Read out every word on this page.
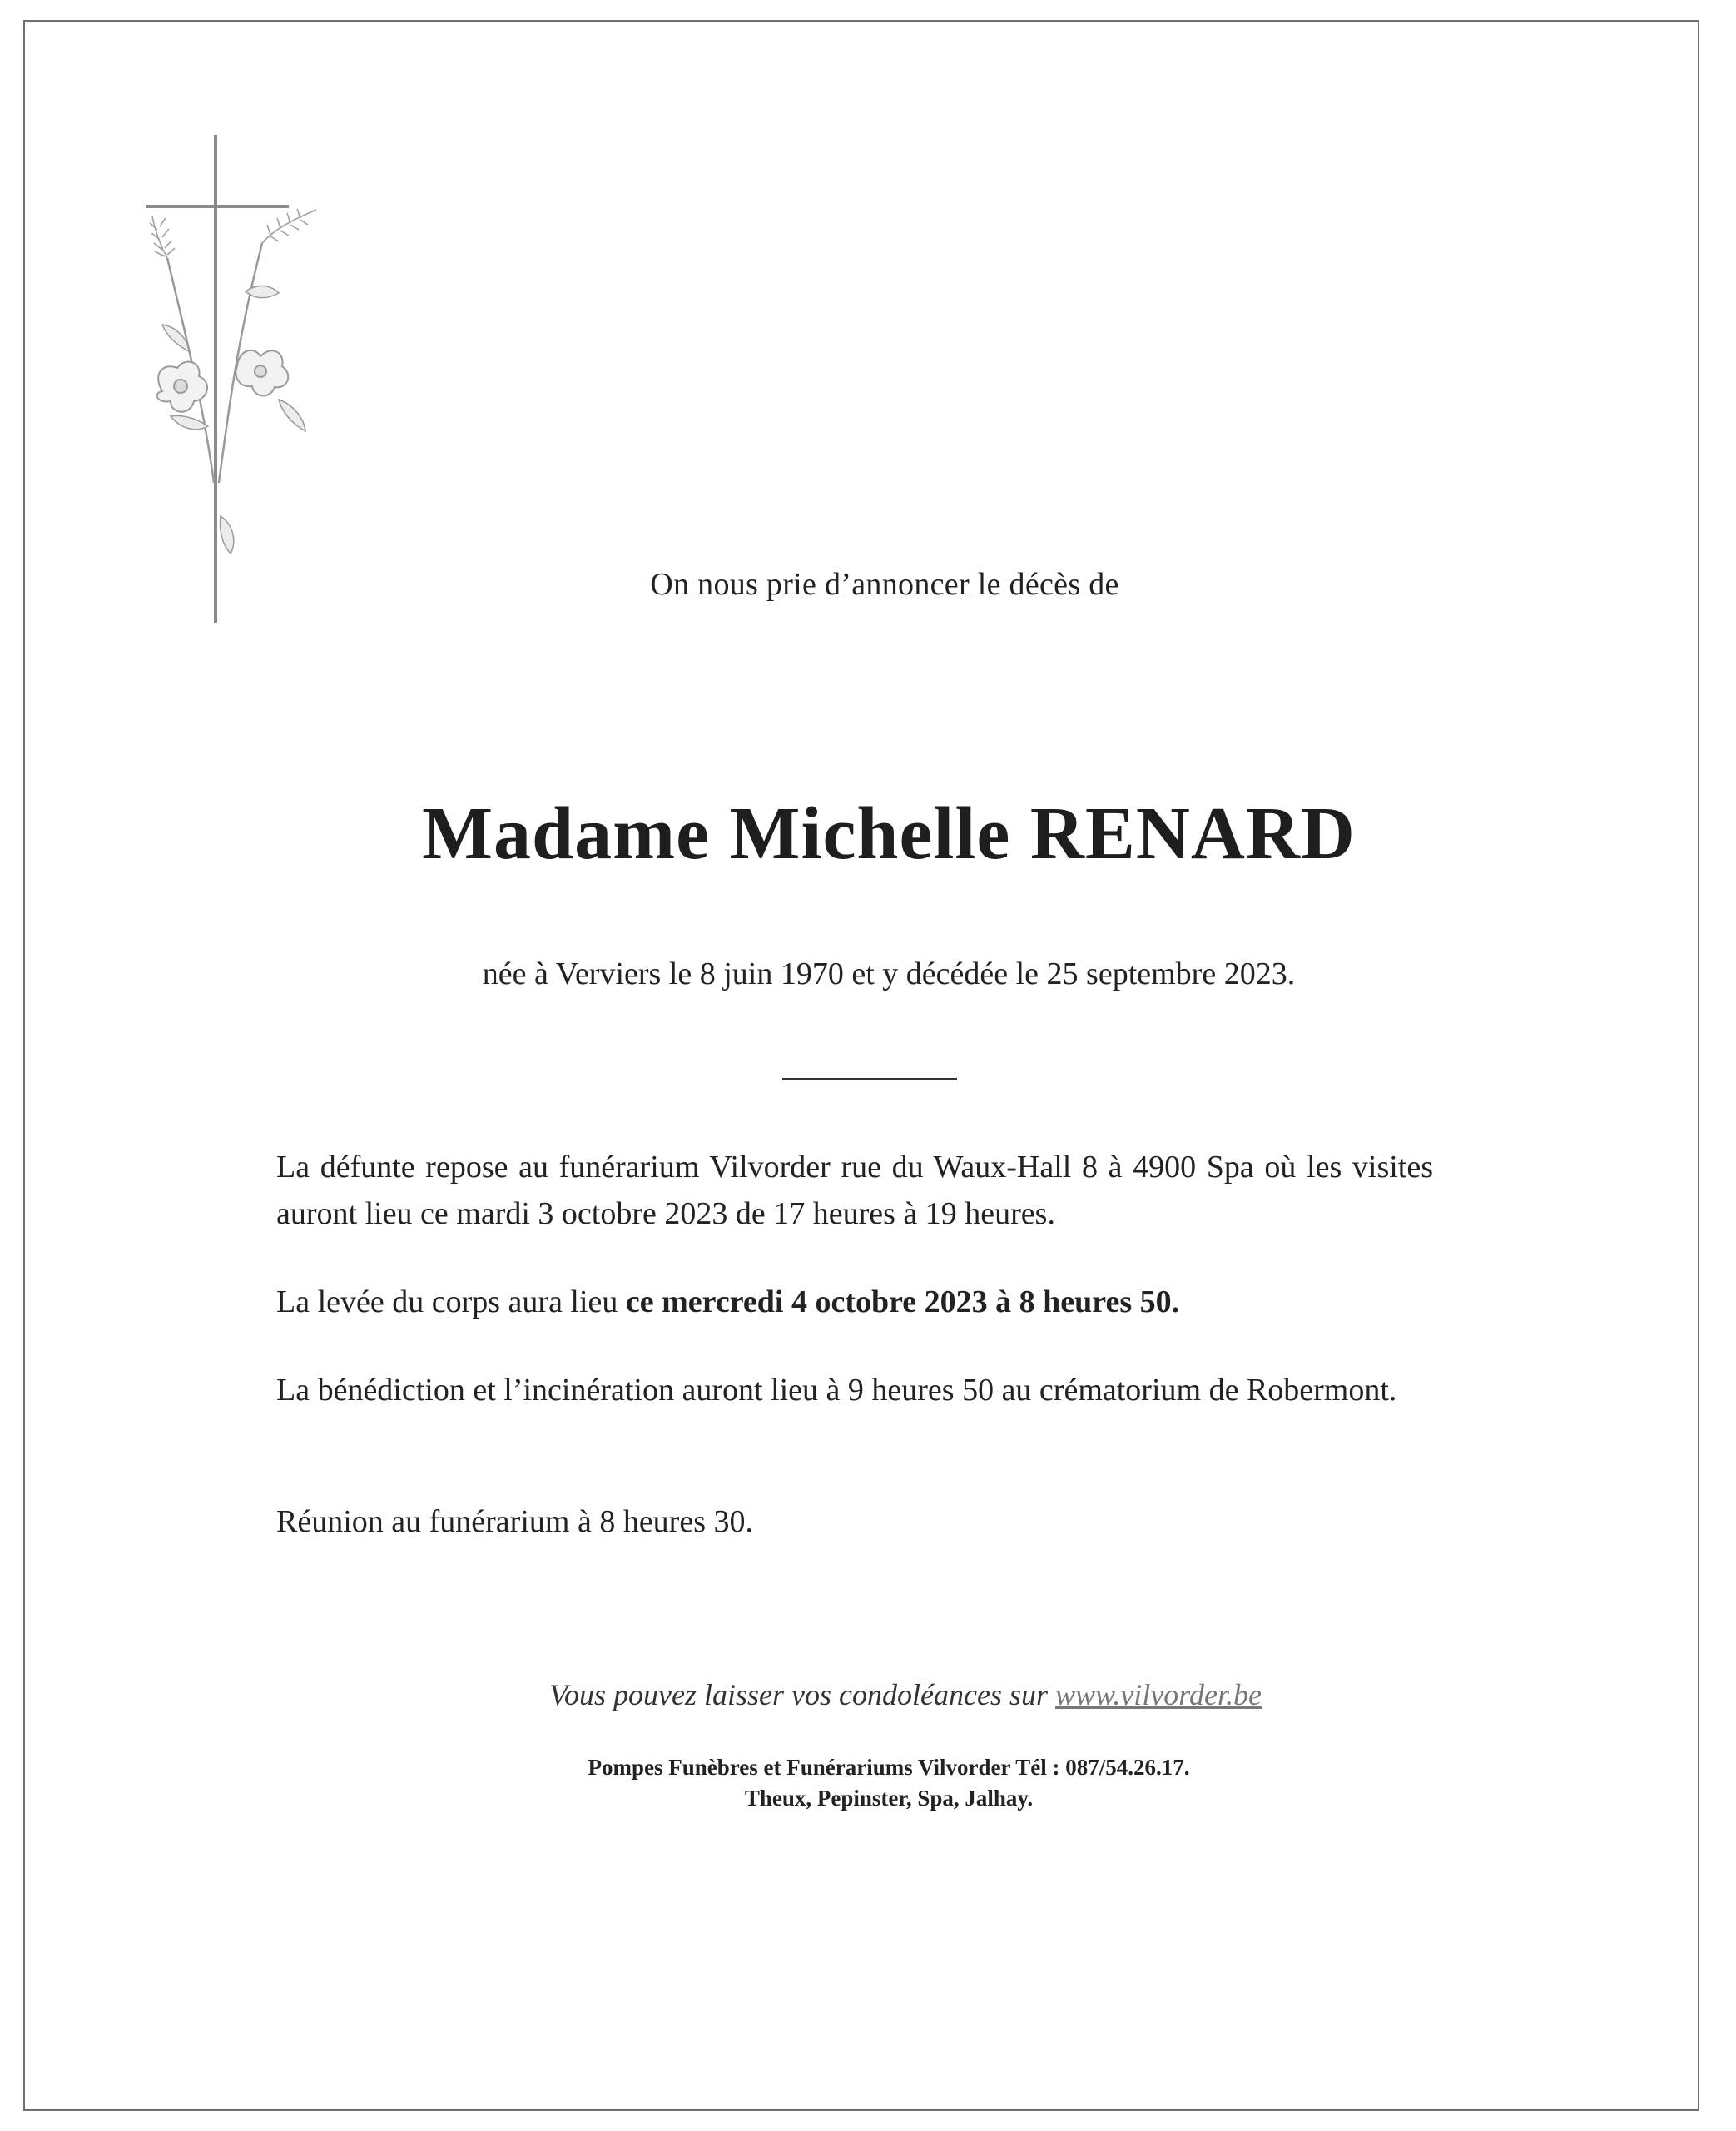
On nous prie d’annoncer le décès de
Madame Michelle RENARD
née à Verviers le 8 juin 1970 et y décédée le 25 septembre 2023.
La défunte repose au funérarium Vilvorder rue du Waux-Hall 8 à 4900 Spa où les visites auront lieu ce mardi 3 octobre 2023 de 17 heures à 19 heures.
La levée du corps aura lieu ce mercredi 4 octobre 2023 à 8 heures 50.
La bénédiction et l’incinération auront lieu à 9 heures 50 au crématorium de Robermont.
Réunion au funérarium à 8 heures 30.
Vous pouvez laisser vos condoléances sur www.vilvorder.be
Pompes Funèbres et Funérariums Vilvorder Tél : 087/54.26.17.
Theux, Pepinster, Spa, Jalhay.
